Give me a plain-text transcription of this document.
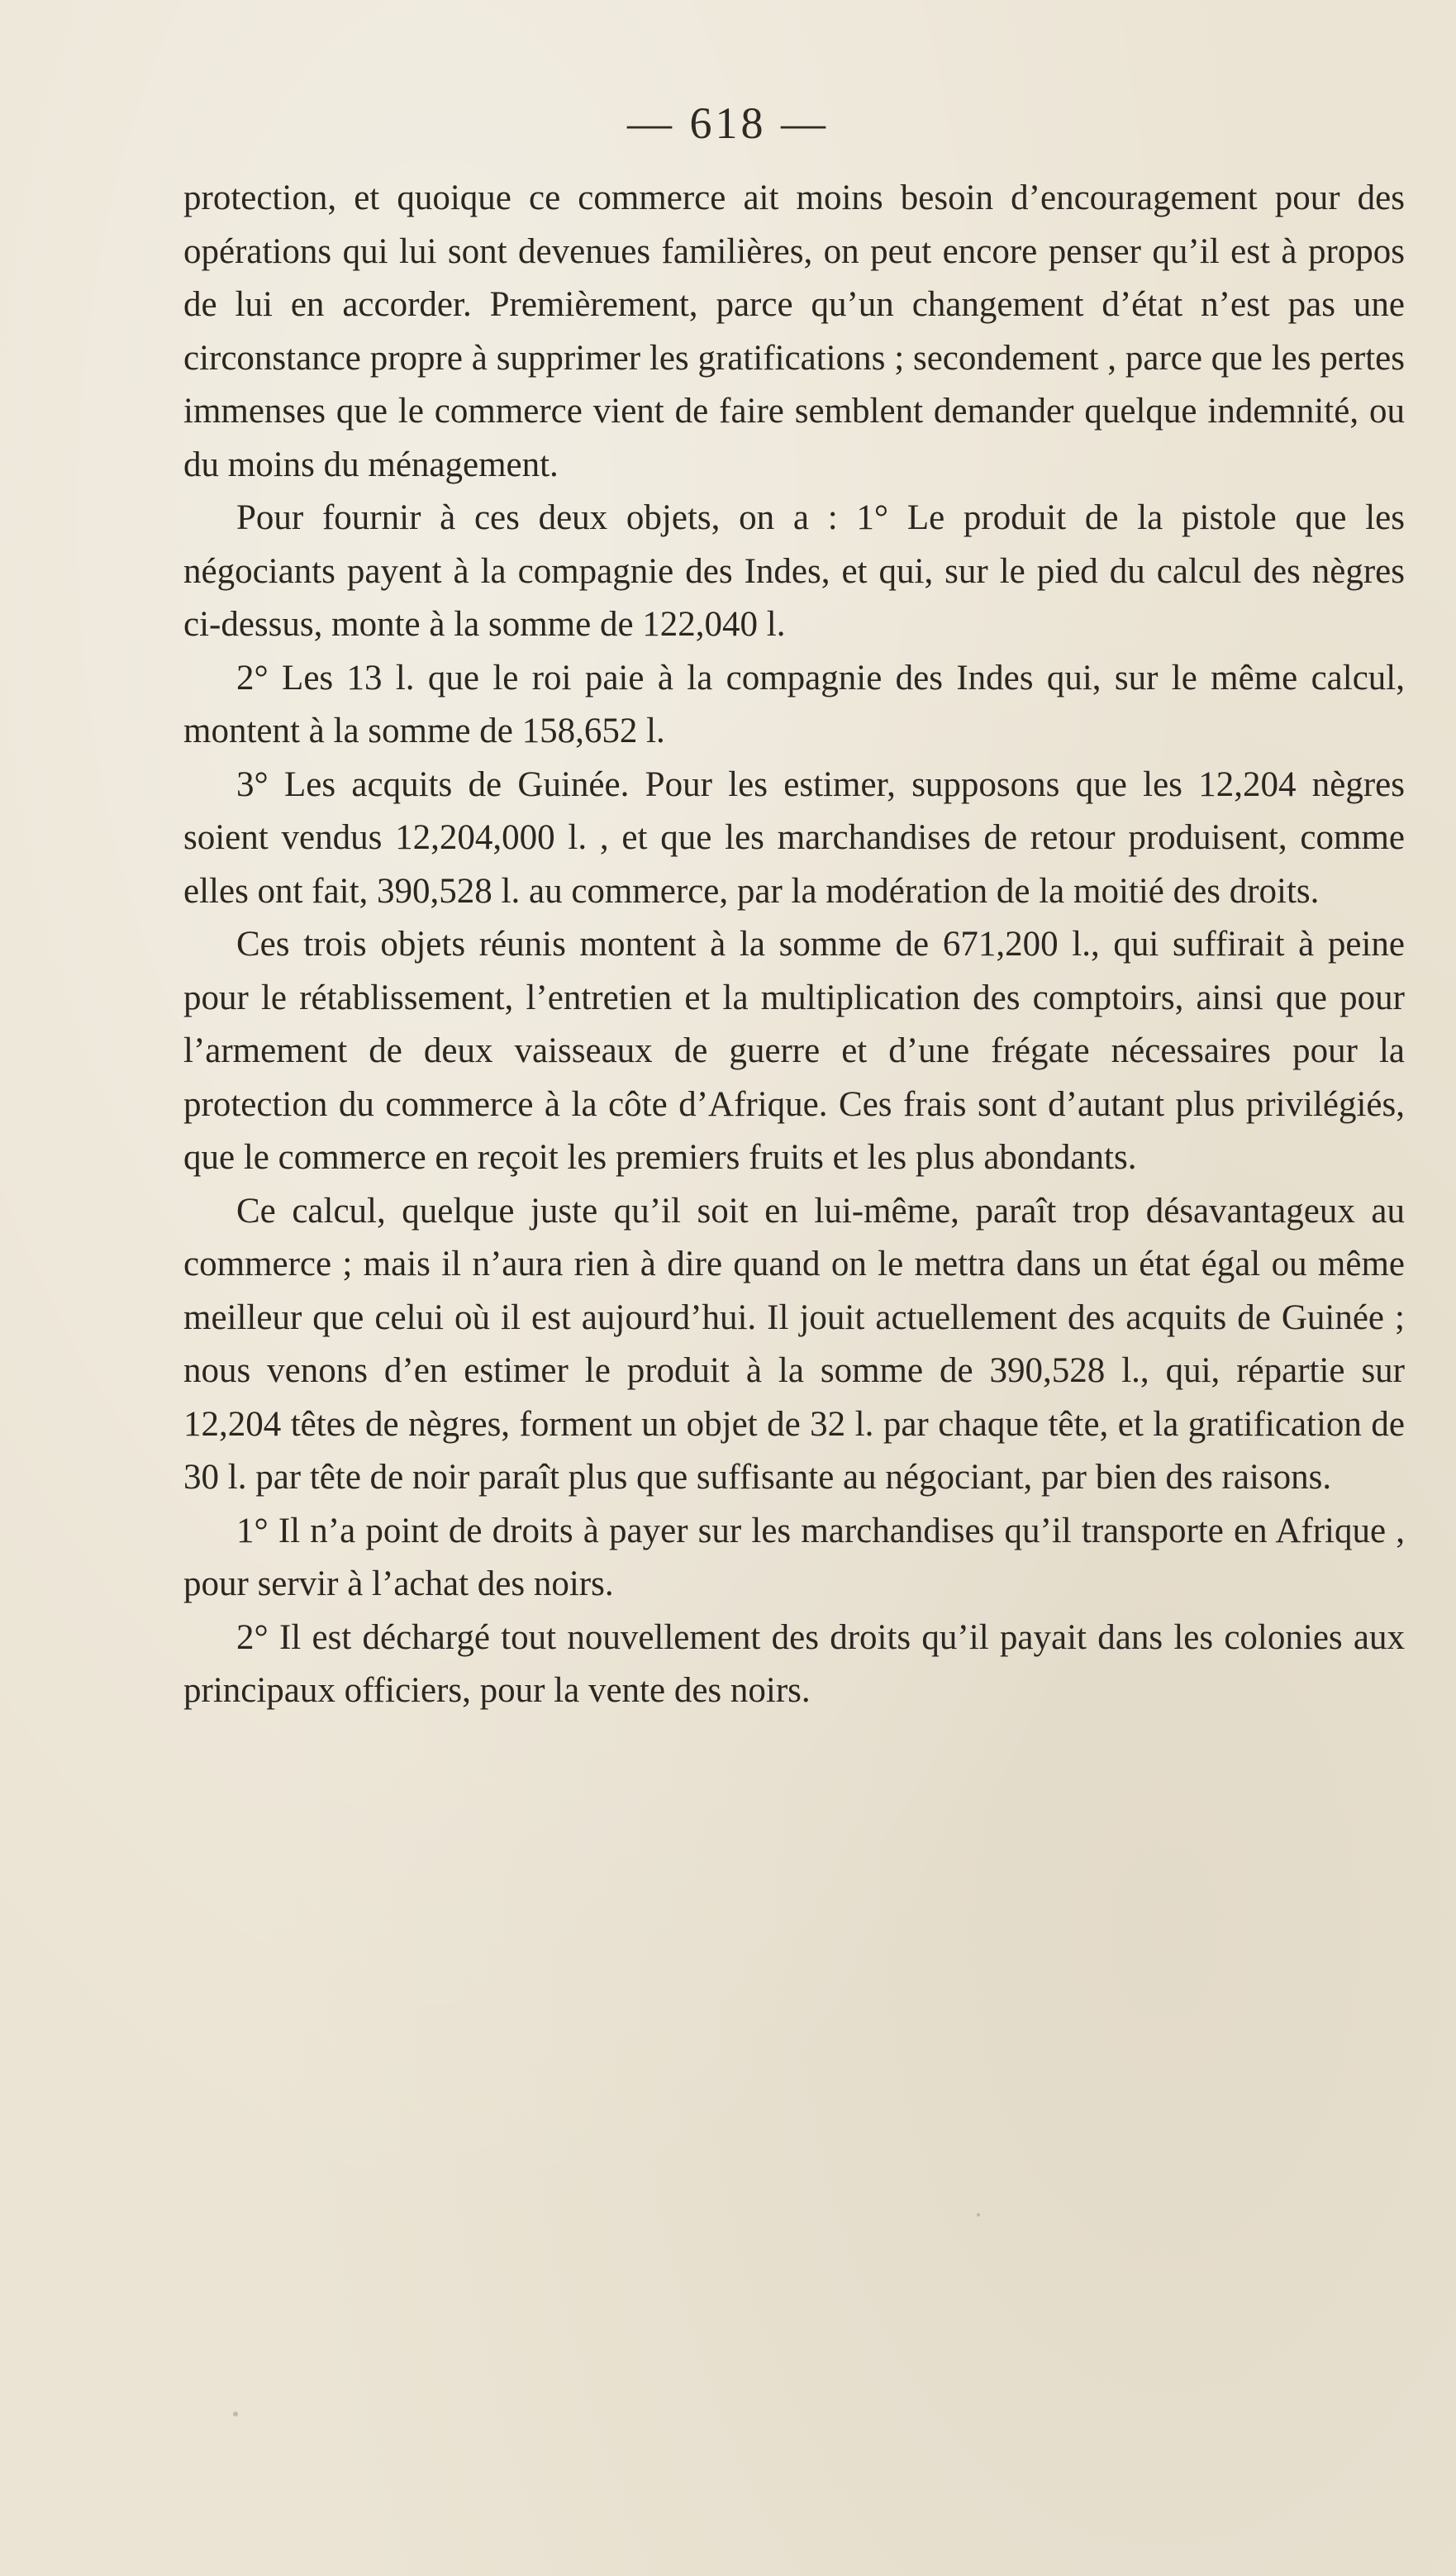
— 618 —

protection, et quoique ce commerce ait moins besoin d’encouragement pour des opérations qui lui sont devenues familières, on peut encore penser qu’il est à propos de lui en accorder. Premièrement, parce qu’un changement d’état n’est pas une circonstance propre à supprimer les gratifications ; secondement , parce que les pertes immenses que le commerce vient de faire semblent demander quelque indemnité, ou du moins du ménagement.

Pour fournir à ces deux objets, on a : 1° Le produit de la pistole que les négociants payent à la compagnie des Indes, et qui, sur le pied du calcul des nègres ci-dessus, monte à la somme de 122,040 l.

2° Les 13 l. que le roi paie à la compagnie des Indes qui, sur le même calcul, montent à la somme de 158,652 l.

3° Les acquits de Guinée. Pour les estimer, supposons que les 12,204 nègres soient vendus 12,204,000 l. , et que les marchandises de retour produisent, comme elles ont fait, 390,528 l. au commerce, par la modération de la moitié des droits.

Ces trois objets réunis montent à la somme de 671,200 l., qui suffirait à peine pour le rétablissement, l’entretien et la multiplication des comptoirs, ainsi que pour l’armement de deux vaisseaux de guerre et d’une frégate nécessaires pour la protection du commerce à la côte d’Afrique. Ces frais sont d’autant plus privilégiés, que le commerce en reçoit les premiers fruits et les plus abondants.

Ce calcul, quelque juste qu’il soit en lui-même, paraît trop désavantageux au commerce ; mais il n’aura rien à dire quand on le mettra dans un état égal ou même meilleur que celui où il est aujourd’hui. Il jouit actuellement des acquits de Guinée ; nous venons d’en estimer le produit à la somme de 390,528 l., qui, répartie sur 12,204 têtes de nègres, forment un objet de 32 l. par chaque tête, et la gratification de 30 l. par tête de noir paraît plus que suffisante au négociant, par bien des raisons.

1° Il n’a point de droits à payer sur les marchandises qu’il transporte en Afrique , pour servir à l’achat des noirs.

2° Il est déchargé tout nouvellement des droits qu’il payait dans les colonies aux principaux officiers, pour la vente des noirs.
